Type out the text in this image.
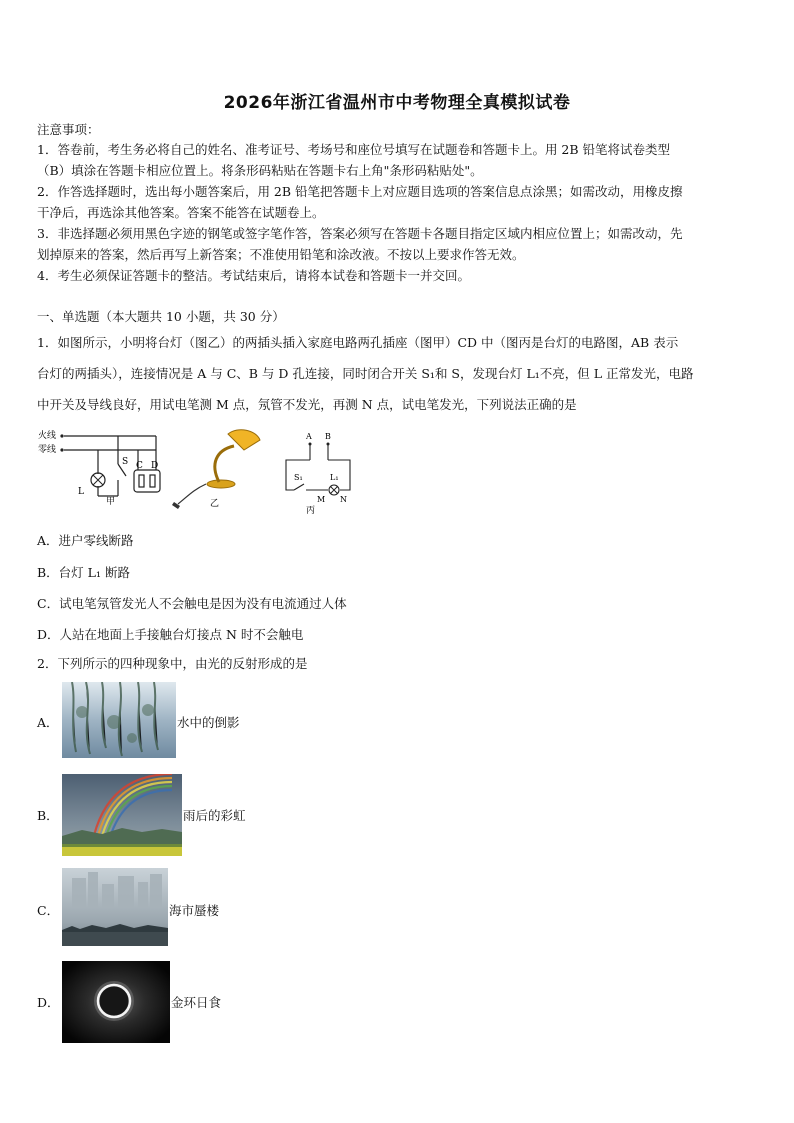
2026年浙江省温州市中考物理全真模拟试卷
注意事项：
1．答卷前，考生务必将自己的姓名、准考证号、考场号和座位号填写在试题卷和答题卡上。用 2B 铅笔将试卷类型
（B）填涂在答题卡相应位置上。将条形码粘贴在答题卡右上角"条形码粘贴处"。
2．作答选择题时，选出每小题答案后，用 2B 铅笔把答题卡上对应题目选项的答案信息点涂黑；如需改动，用橡皮擦
干净后，再选涂其他答案。答案不能答在试题卷上。
3．非选择题必须用黑色字迹的钢笔或签字笔作答，答案必须写在答题卡各题目指定区域内相应位置上；如需改动，先
划掉原来的答案，然后再写上新答案；不准使用铅笔和涂改液。不按以上要求作答无效。
4．考生必须保证答题卡的整洁。考试结束后，请将本试卷和答题卡一并交回。
一、单选题（本大题共 10 小题，共 30 分）
1．如图所示，小明将台灯（图乙）的两插头插入家庭电路两孔插座（图甲）CD 中（图丙是台灯的电路图，AB 表示
台灯的两插头），连接情况是 A 与 C、B 与 D 孔连接，同时闭合开关 S₁和 S，发现台灯 L₁不亮，但 L 正常发光，电路
中开关及导线良好，用试电笔测 M 点，氖管不发光，再测 N 点，试电笔发光，下列说法正确的是
火线
零线
L
S C D
甲	乙
A B
S₁	L₁
M N
丙
A．进户零线断路
B．台灯 L₁ 断路
C．试电笔氖管发光人不会触电是因为没有电流通过人体
D．人站在地面上手接触台灯接点 N 时不会触电
2．下列所示的四种现象中，由光的反射形成的是
A．	水中的倒影
B．	雨后的彩虹
C．	海市蜃楼
D．	金环日食
